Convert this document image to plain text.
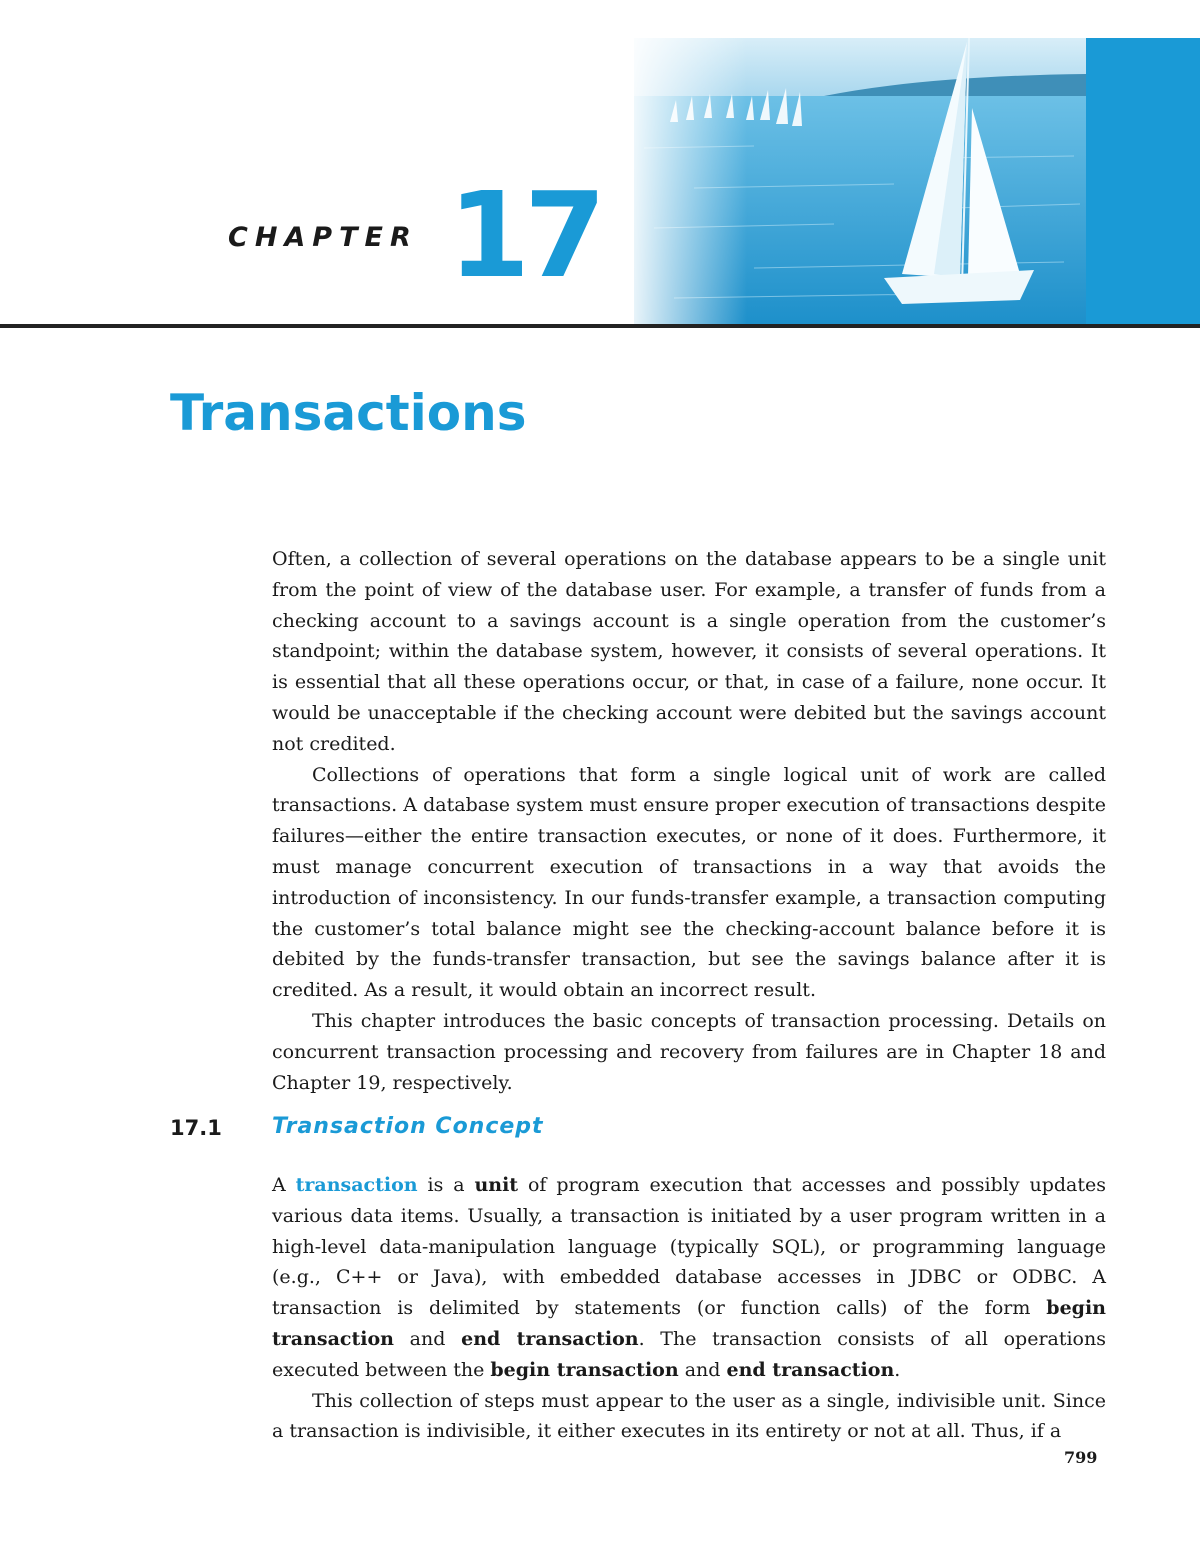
CHAPTER 17
Transactions

Often, a collection of several operations on the database appears to be a single unit from the point of view of the database user. For example, a transfer of funds from a checking account to a savings account is a single operation from the customer’s standpoint; within the database system, however, it consists of several operations. It is essential that all these operations occur, or that, in case of a failure, none occur. It would be unacceptable if the checking account were debited but the savings account not credited.

Collections of operations that form a single logical unit of work are called transactions. A database system must ensure proper execution of transactions despite failures—either the entire transaction executes, or none of it does. Furthermore, it must manage concurrent execution of transactions in a way that avoids the introduction of inconsistency. In our funds-transfer example, a transaction computing the customer’s total balance might see the checking-account balance before it is debited by the funds-transfer transaction, but see the savings balance after it is credited. As a result, it would obtain an incorrect result.

This chapter introduces the basic concepts of transaction processing. Details on concurrent transaction processing and recovery from failures are in Chapter 18 and Chapter 19, respectively.

17.1 Transaction Concept

A transaction is a unit of program execution that accesses and possibly updates various data items. Usually, a transaction is initiated by a user program written in a high-level data-manipulation language (typically SQL), or programming language (e.g., C++ or Java), with embedded database accesses in JDBC or ODBC. A transaction is delimited by statements (or function calls) of the form begin transaction and end transaction. The transaction consists of all operations executed between the begin transaction and end transaction.

This collection of steps must appear to the user as a single, indivisible unit. Since a transaction is indivisible, it either executes in its entirety or not at all. Thus, if a

799
